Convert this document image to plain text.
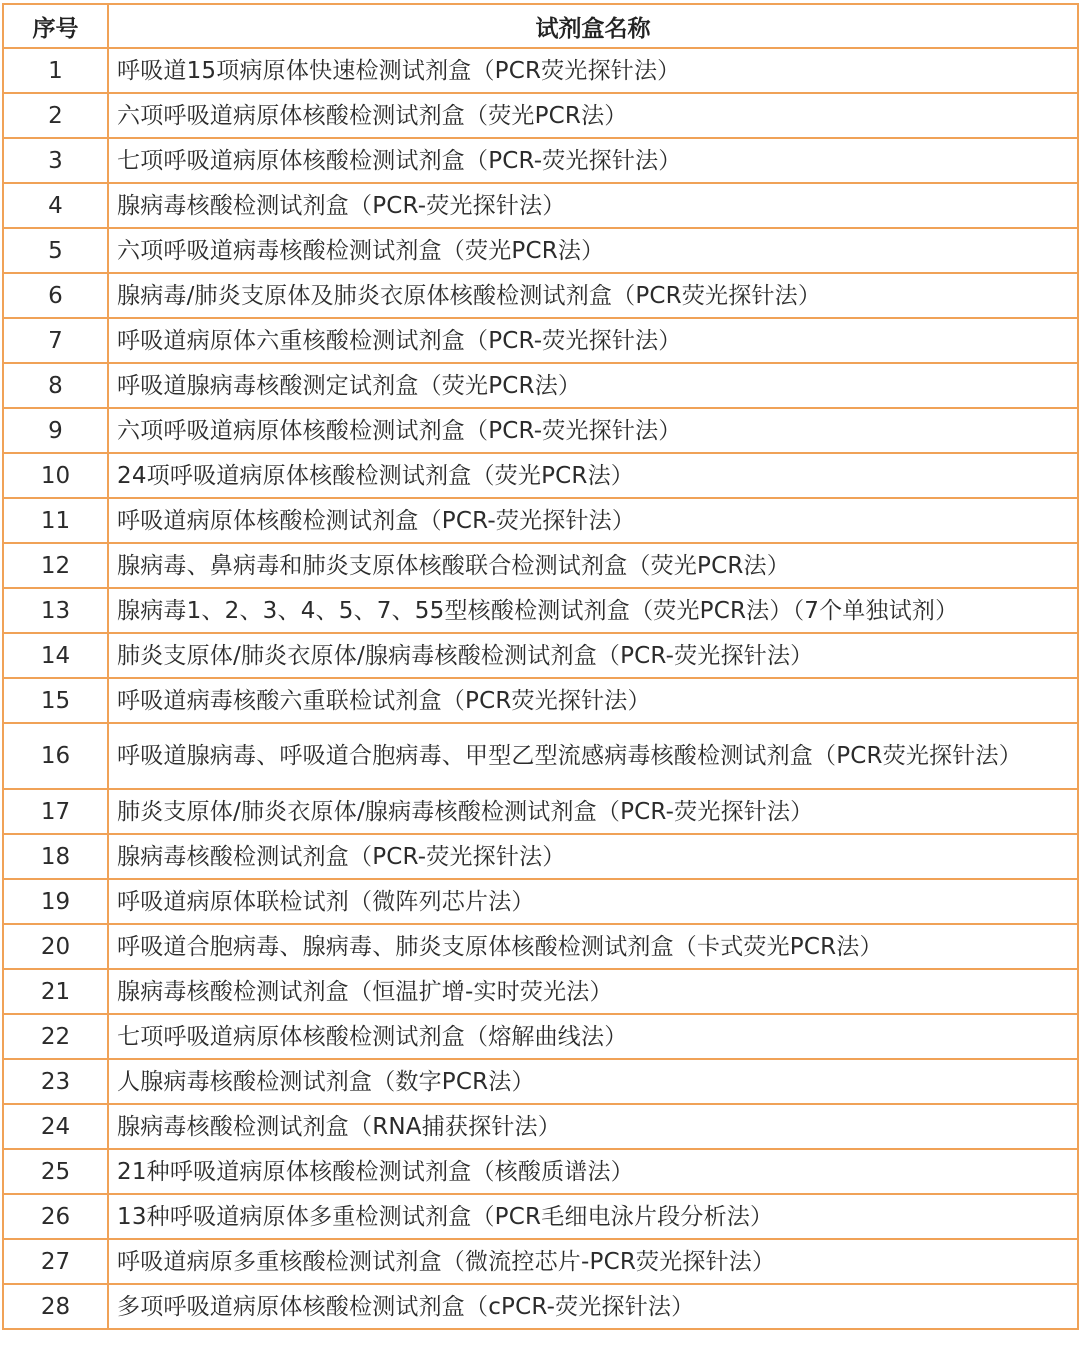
序号	试剂盒名称
1	呼吸道15项病原体快速检测试剂盒（PCR荧光探针法）
2	六项呼吸道病原体核酸检测试剂盒（荧光PCR法）
3	七项呼吸道病原体核酸检测试剂盒（PCR-荧光探针法）
4	腺病毒核酸检测试剂盒（PCR-荧光探针法）
5	六项呼吸道病毒核酸检测试剂盒（荧光PCR法）
6	腺病毒/肺炎支原体及肺炎衣原体核酸检测试剂盒（PCR荧光探针法）
7	呼吸道病原体六重核酸检测试剂盒（PCR-荧光探针法）
8	呼吸道腺病毒核酸测定试剂盒（荧光PCR法）
9	六项呼吸道病原体核酸检测试剂盒（PCR-荧光探针法）
10	24项呼吸道病原体核酸检测试剂盒（荧光PCR法）
11	呼吸道病原体核酸检测试剂盒（PCR-荧光探针法）
12	腺病毒、鼻病毒和肺炎支原体核酸联合检测试剂盒（荧光PCR法）
13	腺病毒1、2、3、4、5、7、55型核酸检测试剂盒（荧光PCR法）（7个单独试剂）
14	肺炎支原体/肺炎衣原体/腺病毒核酸检测试剂盒（PCR-荧光探针法）
15	呼吸道病毒核酸六重联检试剂盒（PCR荧光探针法）
16	呼吸道腺病毒、呼吸道合胞病毒、甲型乙型流感病毒核酸检测试剂盒（PCR荧光探针法）
17	肺炎支原体/肺炎衣原体/腺病毒核酸检测试剂盒（PCR-荧光探针法）
18	腺病毒核酸检测试剂盒（PCR-荧光探针法）
19	呼吸道病原体联检试剂（微阵列芯片法）
20	呼吸道合胞病毒、腺病毒、肺炎支原体核酸检测试剂盒（卡式荧光PCR法）
21	腺病毒核酸检测试剂盒（恒温扩增-实时荧光法）
22	七项呼吸道病原体核酸检测试剂盒（熔解曲线法）
23	人腺病毒核酸检测试剂盒（数字PCR法）
24	腺病毒核酸检测试剂盒（RNA捕获探针法）
25	21种呼吸道病原体核酸检测试剂盒（核酸质谱法）
26	13种呼吸道病原体多重检测试剂盒（PCR毛细电泳片段分析法）
27	呼吸道病原多重核酸检测试剂盒（微流控芯片-PCR荧光探针法）
28	多项呼吸道病原体核酸检测试剂盒（cPCR-荧光探针法）
